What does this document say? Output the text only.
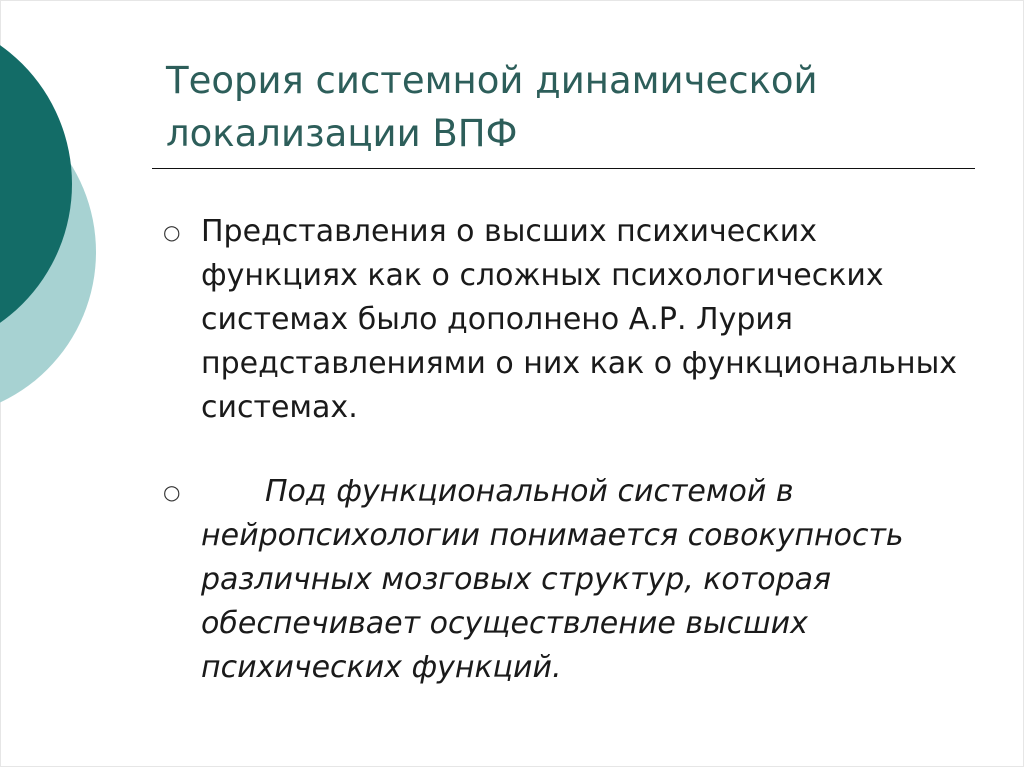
Теория системной динамической
локализации ВПФ
○ Представления о высших психических функциях как о сложных психологических системах было дополнено А.Р. Лурия представлениями о них как о функциональных системах.
○	Под функциональной системой в нейропсихологии понимается совокупность различных мозговых структур, которая обеспечивает осуществление высших психических функций.
